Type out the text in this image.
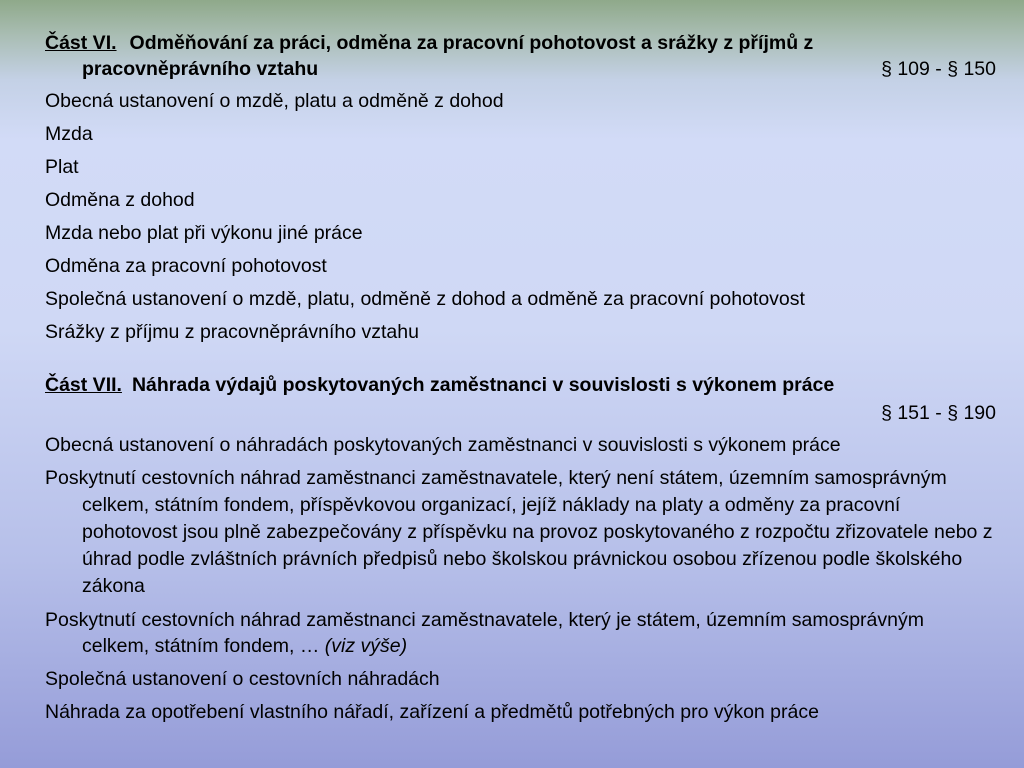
Část VI. Odměňování za práci, odměna za pracovní pohotovost a srážky z příjmů z
pracovněprávního vztahu	§ 109 - § 150
Obecná ustanovení o mzdě, platu a odměně z dohod
Mzda
Plat
Odměna z dohod
Mzda nebo plat při výkonu jiné práce
Odměna za pracovní pohotovost
Společná ustanovení o mzdě, platu, odměně z dohod a odměně za pracovní pohotovost
Srážky z příjmu z pracovněprávního vztahu
Část VII. Náhrada výdajů poskytovaných zaměstnanci v souvislosti s výkonem práce
§ 151 - § 190
Obecná ustanovení o náhradách poskytovaných zaměstnanci v souvislosti s výkonem práce
Poskytnutí cestovních náhrad zaměstnanci zaměstnavatele, který není státem, územním samosprávným celkem, státním fondem, příspěvkovou organizací, jejíž náklady na platy a odměny za pracovní pohotovost jsou plně zabezpečovány z příspěvku na provoz poskytovaného z rozpočtu zřizovatele nebo z úhrad podle zvláštních právních předpisů nebo školskou právnickou osobou zřízenou podle školského zákona
Poskytnutí cestovních náhrad zaměstnanci zaměstnavatele, který je státem, územním samosprávným celkem, státním fondem, … (viz výše)
Společná ustanovení o cestovních náhradách
Náhrada za opotřebení vlastního nářadí, zařízení a předmětů potřebných pro výkon práce
